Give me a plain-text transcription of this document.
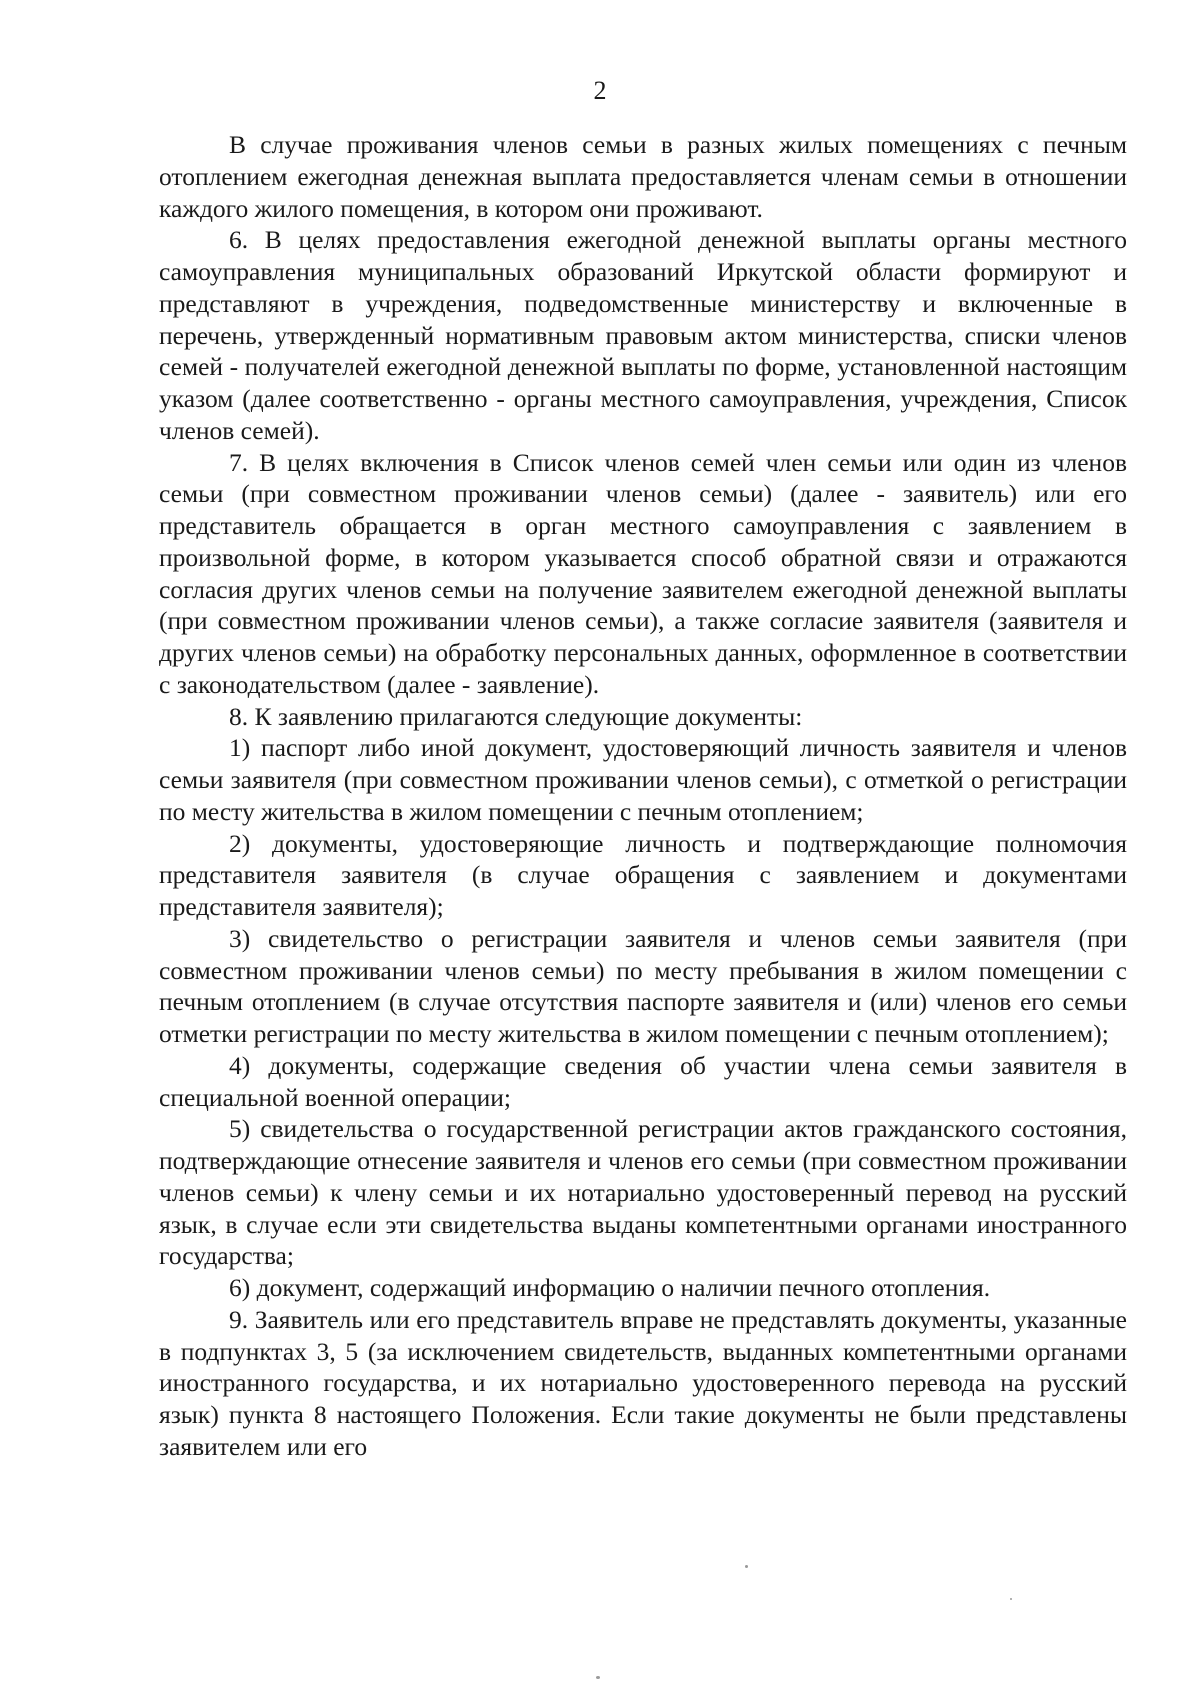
2

В случае проживания членов семьи в разных жилых помещениях с печным отоплением ежегодная денежная выплата предоставляется членам семьи в отношении каждого жилого помещения, в котором они проживают.

6. В целях предоставления ежегодной денежной выплаты органы местного самоуправления муниципальных образований Иркутской области формируют и представляют в учреждения, подведомственные министерству и включенные в перечень, утвержденный нормативным правовым актом министерства, списки членов семей - получателей ежегодной денежной выплаты по форме, установленной настоящим указом (далее соответственно - органы местного самоуправления, учреждения, Список членов семей).

7. В целях включения в Список членов семей член семьи или один из членов семьи (при совместном проживании членов семьи) (далее - заявитель) или его представитель обращается в орган местного самоуправления с заявлением в произвольной форме, в котором указывается способ обратной связи и отражаются согласия других членов семьи на получение заявителем ежегодной денежной выплаты (при совместном проживании членов семьи), а также согласие заявителя (заявителя и других членов семьи) на обработку персональных данных, оформленное в соответствии с законодательством (далее - заявление).

8. К заявлению прилагаются следующие документы:

1) паспорт либо иной документ, удостоверяющий личность заявителя и членов семьи заявителя (при совместном проживании членов семьи), с отметкой о регистрации по месту жительства в жилом помещении с печным отоплением;

2) документы, удостоверяющие личность и подтверждающие полномочия представителя заявителя (в случае обращения с заявлением и документами представителя заявителя);

3) свидетельство о регистрации заявителя и членов семьи заявителя (при совместном проживании членов семьи) по месту пребывания в жилом помещении с печным отоплением (в случае отсутствия паспорте заявителя и (или) членов его семьи отметки регистрации по месту жительства в жилом помещении с печным отоплением);

4) документы, содержащие сведения об участии члена семьи заявителя в специальной военной операции;

5) свидетельства о государственной регистрации актов гражданского состояния, подтверждающие отнесение заявителя и членов его семьи (при совместном проживании членов семьи) к члену семьи и их нотариально удостоверенный перевод на русский язык, в случае если эти свидетельства выданы компетентными органами иностранного государства;

6) документ, содержащий информацию о наличии печного отопления.

9. Заявитель или его представитель вправе не представлять документы, указанные в подпунктах 3, 5 (за исключением свидетельств, выданных компетентными органами иностранного государства, и их нотариально удостоверенного перевода на русский язык) пункта 8 настоящего Положения. Если такие документы не были представлены заявителем или его
